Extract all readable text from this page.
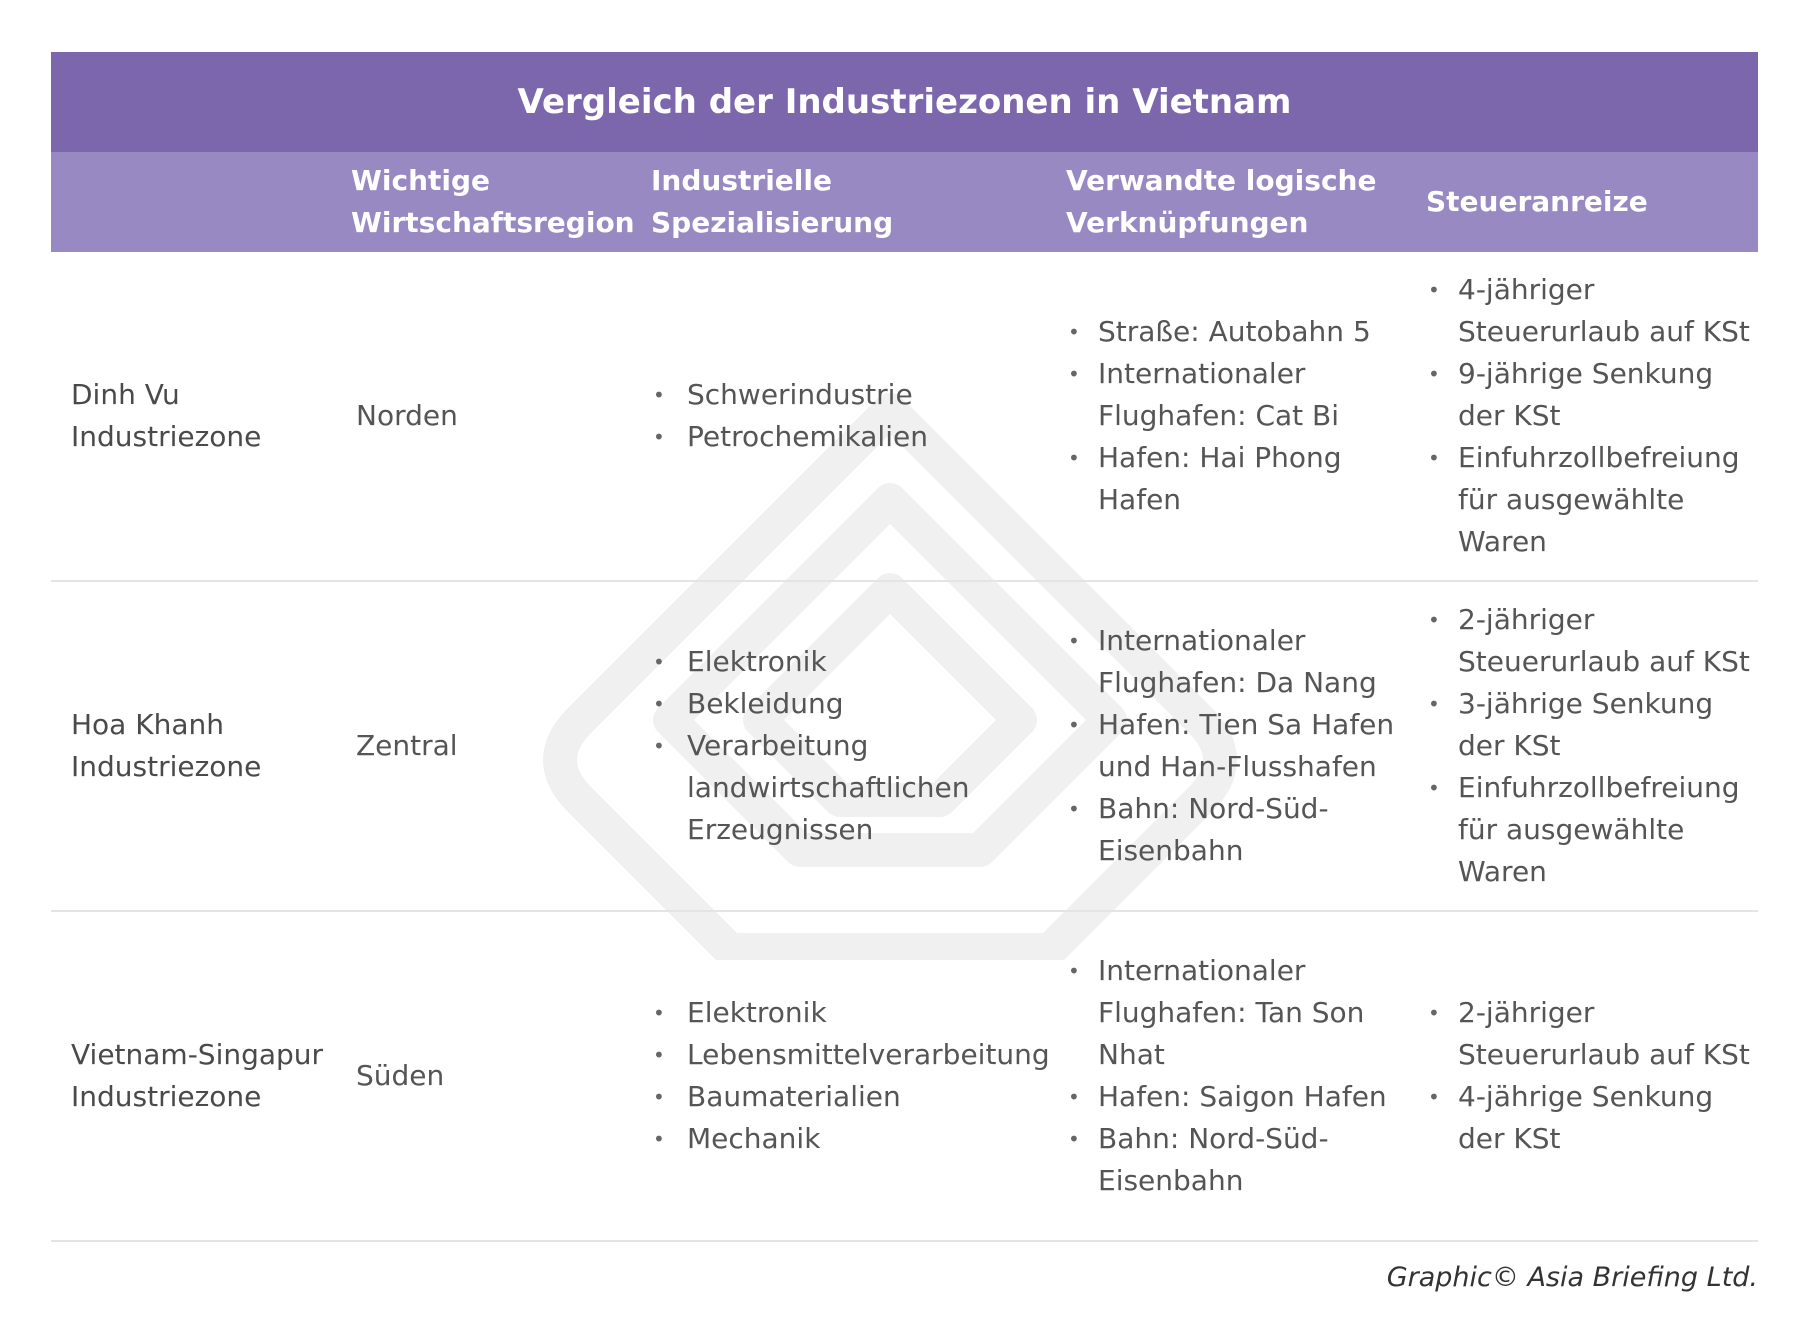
Vergleich der Industriezonen in Vietnam
Wichtige Wirtschaftsregion
Industrielle Spezialisierung
Verwandte logische Verknüpfungen
Steueranreize
Dinh Vu Industriezone
Norden
• Schwerindustrie
• Petrochemikalien
• Straße: Autobahn 5
• Internationaler Flughafen: Cat Bi
• Hafen: Hai Phong Hafen
• 4-jähriger Steuerurlaub auf KSt
• 9-jährige Senkung der KSt
• Einfuhrzollbefreiung für ausgewählte Waren
Hoa Khanh Industriezone
Zentral
• Elektronik
• Bekleidung
• Verarbeitung landwirtschaftlichen Erzeugnissen
• Internationaler Flughafen: Da Nang
• Hafen: Tien Sa Hafen und Han-Flusshafen
• Bahn: Nord-Süd-Eisenbahn
• 2-jähriger Steuerurlaub auf KSt
• 3-jährige Senkung der KSt
• Einfuhrzollbefreiung für ausgewählte Waren
Vietnam-Singapur Industriezone
Süden
• Elektronik
• Lebensmittelverarbeitung
• Baumaterialien
• Mechanik
• Internationaler Flughafen: Tan Son Nhat
• Hafen: Saigon Hafen
• Bahn: Nord-Süd-Eisenbahn
• 2-jähriger Steuerurlaub auf KSt
• 4-jährige Senkung der KSt
Graphic© Asia Briefing Ltd.
